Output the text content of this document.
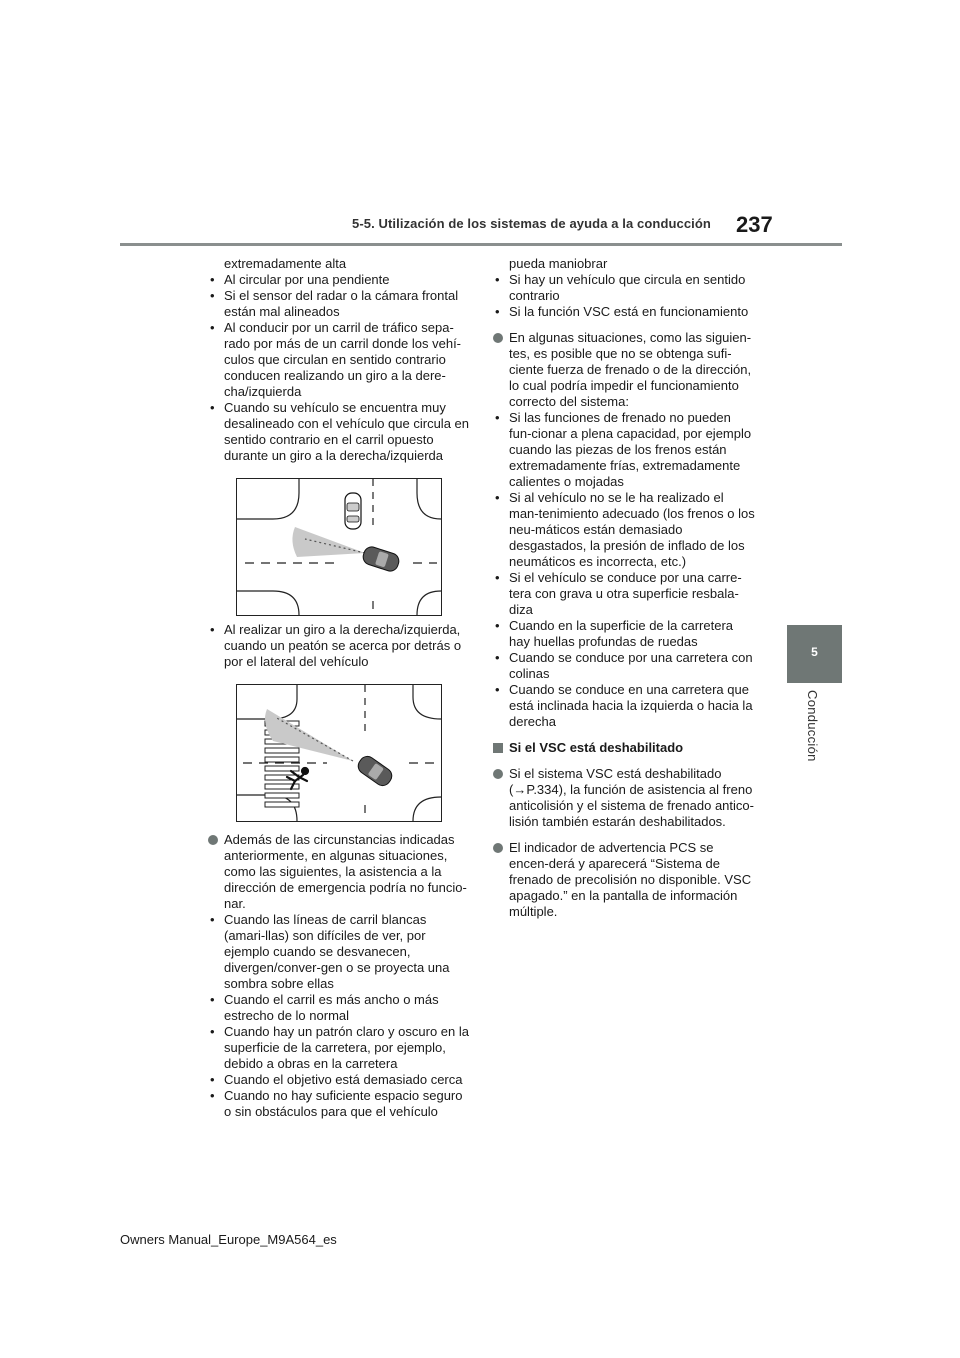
5-5. Utilización de los sistemas de ayuda a la conducción 237
5
Conducción
extremadamente alta
• Al circular por una pendiente
• Si el sensor del radar o la cámara frontal están mal alineados
• Al conducir por un carril de tráfico sepa-rado por más de un carril donde los vehí-culos que circulan en sentido contrario conducen realizando un giro a la dere-cha/izquierda
• Cuando su vehículo se encuentra muy desalineado con el vehículo que circula en sentido contrario en el carril opuesto durante un giro a la derecha/izquierda
• Al realizar un giro a la derecha/izquierda, cuando un peatón se acerca por detrás o por el lateral del vehículo
Además de las circunstancias indicadas anteriormente, en algunas situaciones, como las siguientes, la asistencia a la dirección de emergencia podría no funcio-nar.
• Cuando las líneas de carril blancas (amari-llas) son difíciles de ver, por ejemplo cuando se desvanecen, divergen/conver-gen o se proyecta una sombra sobre ellas
• Cuando el carril es más ancho o más estrecho de lo normal
• Cuando hay un patrón claro y oscuro en la superficie de la carretera, por ejemplo, debido a obras en la carretera
• Cuando el objetivo está demasiado cerca
• Cuando no hay suficiente espacio seguro o sin obstáculos para que el vehículo
pueda maniobrar
• Si hay un vehículo que circula en sentido contrario
• Si la función VSC está en funcionamiento
En algunas situaciones, como las siguien-tes, es posible que no se obtenga sufi-ciente fuerza de frenado o de la dirección, lo cual podría impedir el funcionamiento correcto del sistema:
• Si las funciones de frenado no pueden fun-cionar a plena capacidad, por ejemplo cuando las piezas de los frenos están extremadamente frías, extremadamente calientes o mojadas
• Si al vehículo no se le ha realizado el man-tenimiento adecuado (los frenos o los neu-máticos están demasiado desgastados, la presión de inflado de los neumáticos es incorrecta, etc.)
• Si el vehículo se conduce por una carre-tera con grava u otra superficie resbala-diza
• Cuando en la superficie de la carretera hay huellas profundas de ruedas
• Cuando se conduce por una carretera con colinas
• Cuando se conduce en una carretera que está inclinada hacia la izquierda o hacia la derecha
Si el VSC está deshabilitado
Si el sistema VSC está deshabilitado (→P.334), la función de asistencia al freno anticolisión y el sistema de frenado antico-lisión también estarán deshabilitados.
El indicador de advertencia PCS se encen-derá y aparecerá “Sistema de frenado de precolisión no disponible. VSC apagado.” en la pantalla de información múltiple.
Owners Manual_Europe_M9A564_es
